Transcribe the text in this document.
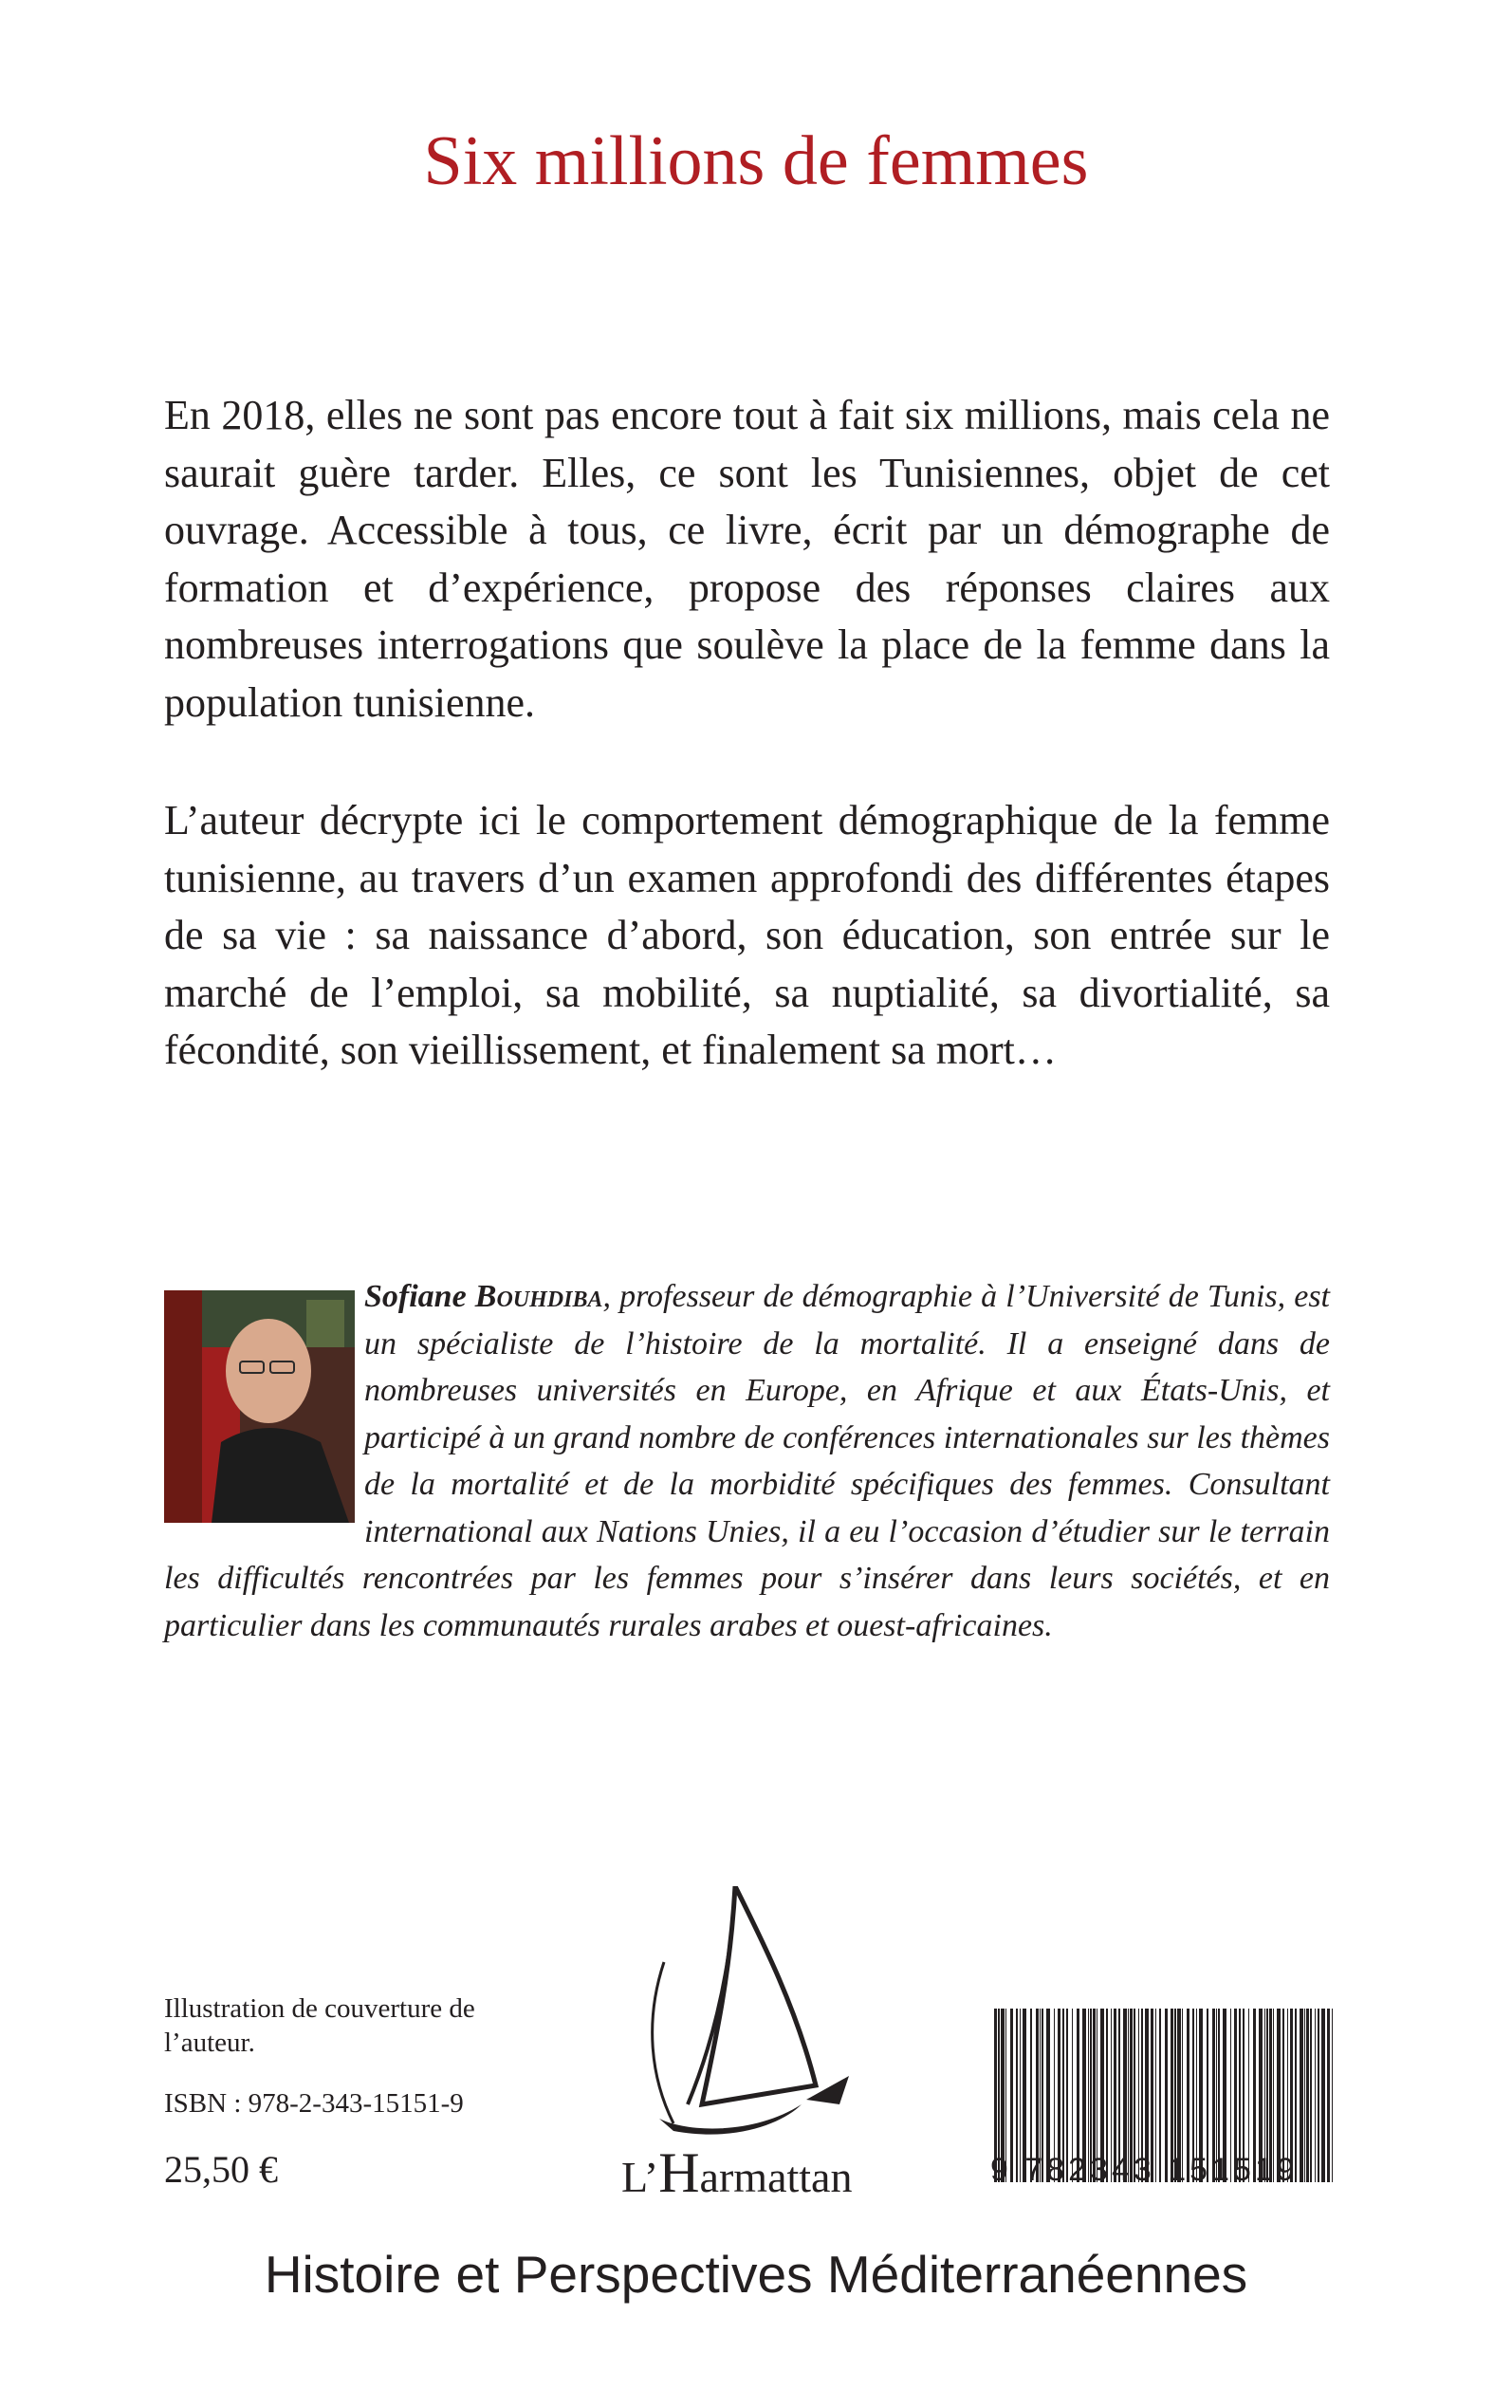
Six millions de femmes

En 2018, elles ne sont pas encore tout à fait six millions, mais cela ne saurait guère tarder. Elles, ce sont les Tunisiennes, objet de cet ouvrage. Accessible à tous, ce livre, écrit par un démographe de formation et d’expérience, propose des réponses claires aux nombreuses interrogations que soulève la place de la femme dans la population tunisienne.

L’auteur décrypte ici le comportement démographique de la femme tunisienne, au travers d’un examen approfondi des différentes étapes de sa vie : sa naissance d’abord, son éducation, son entrée sur le marché de l’emploi, sa mobilité, sa nuptialité, sa divortialité, sa fécondité, son vieillissement, et finalement sa mort…

Sofiane Bouhdiba, professeur de démographie à l’Université de Tunis, est un spécialiste de l’histoire de la mortalité. Il a enseigné dans de nombreuses universités en Europe, en Afrique et aux États-Unis, et participé à un grand nombre de conférences internationales sur les thèmes de la mortalité et de la morbidité spécifiques des femmes. Consultant international aux Nations Unies, il a eu l’occasion d’étudier sur le terrain les difficultés rencontrées par les femmes pour s’insérer dans leurs sociétés, et en particulier dans les communautés rurales arabes et ouest-africaines.

Illustration de couverture de l’auteur.

ISBN : 978-2-343-15151-9

25,50 €	L’Harmattan	9 782343 151519

Histoire et Perspectives Méditerranéennes
